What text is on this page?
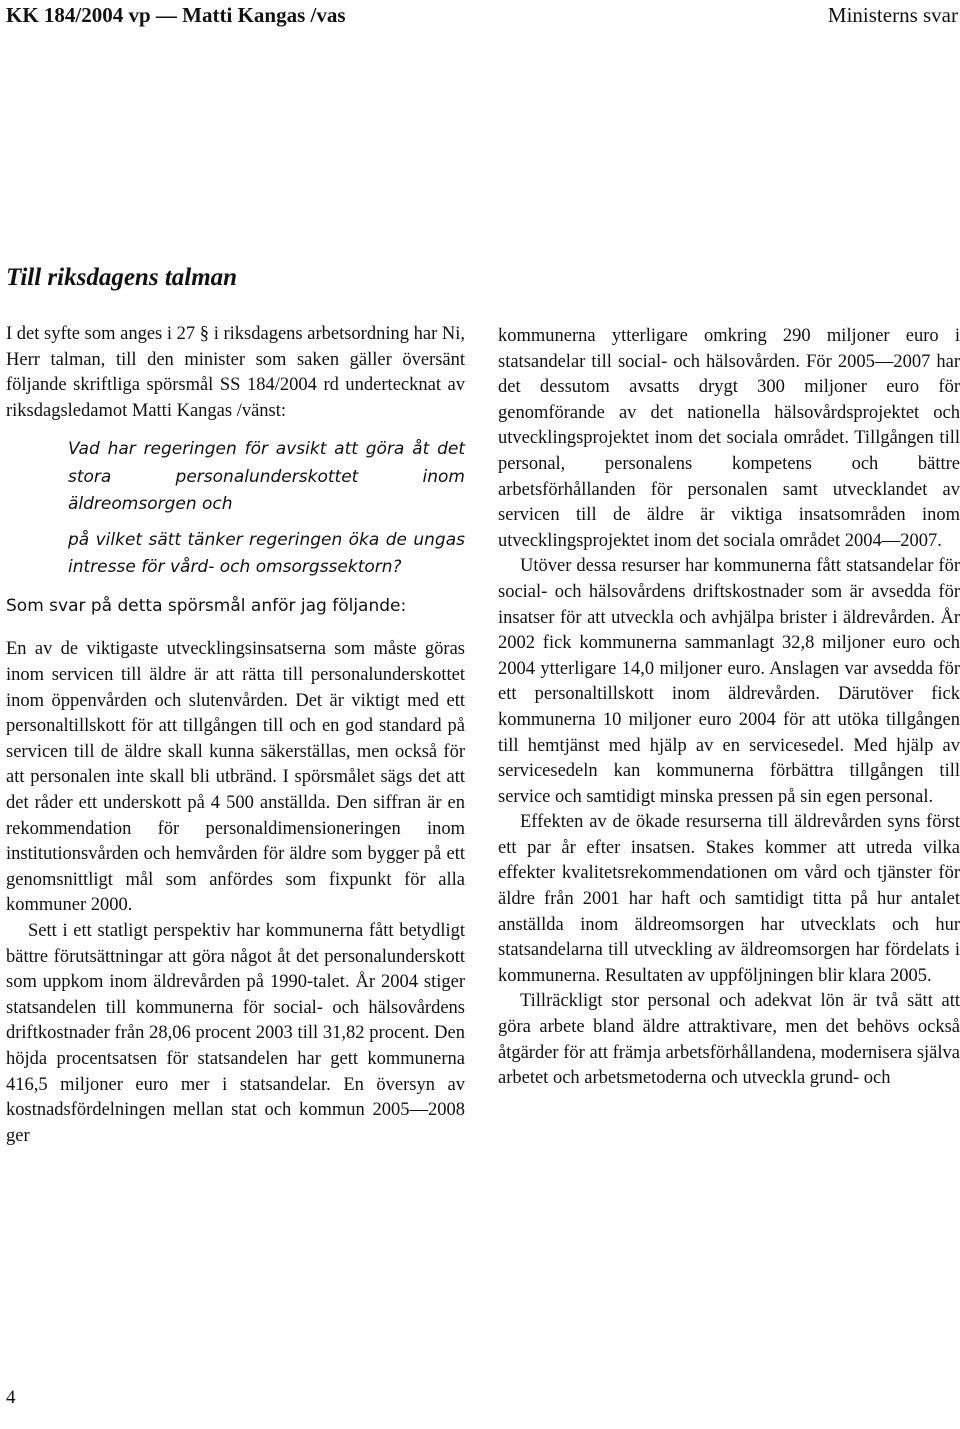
KK 184/2004 vp — Matti Kangas /vas	Ministerns svar
Till riksdagens talman

I det syfte som anges i 27 § i riksdagens arbetsordning har Ni, Herr talman, till den minister som saken gäller översänt följande skriftliga spörsmål SS 184/2004 rd undertecknat av riksdagsledamot Matti Kangas /vänst:

Vad har regeringen för avsikt att göra åt det stora personalunderskottet inom äldreomsorgen och

på vilket sätt tänker regeringen öka de ungas intresse för vård- och omsorgssektorn?

Som svar på detta spörsmål anför jag följande:

En av de viktigaste utvecklingsinsatserna som måste göras inom servicen till äldre är att rätta till personalunderskottet inom öppenvården och slutenvården. Det är viktigt med ett personaltillskott för att tillgången till och en god standard på servicen till de äldre skall kunna säkerställas, men också för att personalen inte skall bli utbränd. I spörsmålet sägs det att det råder ett underskott på 4 500 anställda. Den siffran är en rekommendation för personaldimensioneringen inom institutionsvården och hemvården för äldre som bygger på ett genomsnittligt mål som anfördes som fixpunkt för alla kommuner 2000.

Sett i ett statligt perspektiv har kommunerna fått betydligt bättre förutsättningar att göra något åt det personalunderskott som uppkom inom äldrevården på 1990-talet. År 2004 stiger statsandelen till kommunerna för social- och hälsovårdens driftkostnader från 28,06 procent 2003 till 31,82 procent. Den höjda procentsatsen för statsandelen har gett kommunerna 416,5 miljoner euro mer i statsandelar. En översyn av kostnadsfördelningen mellan stat och kommun 2005—2008 ger

kommunerna ytterligare omkring 290 miljoner euro i statsandelar till social- och hälsovården. För 2005—2007 har det dessutom avsatts drygt 300 miljoner euro för genomförande av det nationella hälsovårdsprojektet och utvecklingsprojektet inom det sociala området. Tillgången till personal, personalens kompetens och bättre arbetsförhållanden för personalen samt utvecklandet av servicen till de äldre är viktiga insatsområden inom utvecklingsprojektet inom det sociala området 2004—2007.

Utöver dessa resurser har kommunerna fått statsandelar för social- och hälsovårdens driftskostnader som är avsedda för insatser för att utveckla och avhjälpa brister i äldrevården. År 2002 fick kommunerna sammanlagt 32,8 miljoner euro och 2004 ytterligare 14,0 miljoner euro. Anslagen var avsedda för ett personaltillskott inom äldrevården. Därutöver fick kommunerna 10 miljoner euro 2004 för att utöka tillgången till hemtjänst med hjälp av en servicesedel. Med hjälp av servicesedeln kan kommunerna förbättra tillgången till service och samtidigt minska pressen på sin egen personal.

Effekten av de ökade resurserna till äldrevården syns först ett par år efter insatsen. Stakes kommer att utreda vilka effekter kvalitetsrekommendationen om vård och tjänster för äldre från 2001 har haft och samtidigt titta på hur antalet anställda inom äldreomsorgen har utvecklats och hur statsandelarna till utveckling av äldreomsorgen har fördelats i kommunerna. Resultaten av uppföljningen blir klara 2005.

Tillräckligt stor personal och adekvat lön är två sätt att göra arbete bland äldre attraktivare, men det behövs också åtgärder för att främja arbetsförhållandena, modernisera själva arbetet och arbetsmetoderna och utveckla grund- och

4
